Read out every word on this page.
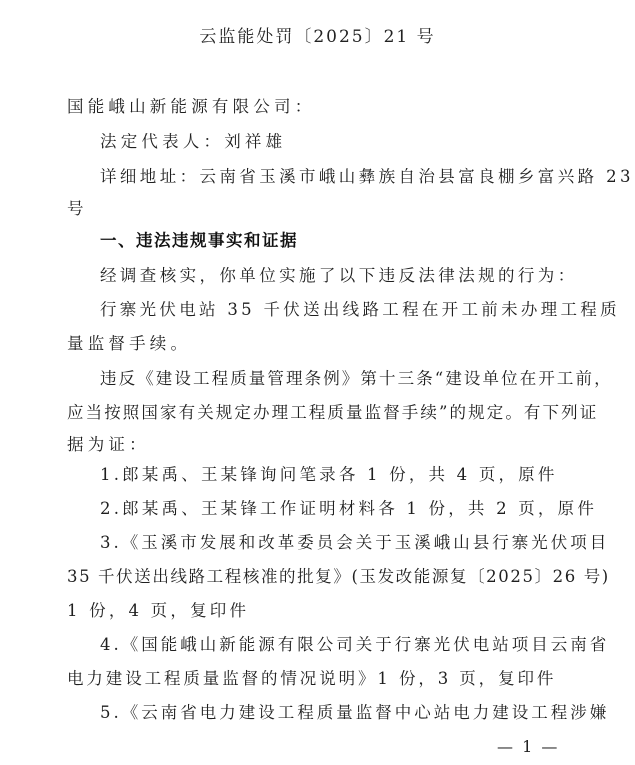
云监能处罚〔2025〕21 号
国能峨山新能源有限公司：
法定代表人：刘祥雄
详细地址：云南省玉溪市峨山彝族自治县富良棚乡富兴路 23
号
一、违法违规事实和证据
经调查核实，你单位实施了以下违反法律法规的行为：
行寨光伏电站 35 千伏送出线路工程在开工前未办理工程质
量监督手续。
违反《建设工程质量管理条例》第十三条“建设单位在开工前，
应当按照国家有关规定办理工程质量监督手续”的规定。有下列证
据为证：
1.郎某禹、王某锋询问笔录各 1 份，共 4 页，原件
2.郎某禹、王某锋工作证明材料各 1 份，共 2 页，原件
3.《玉溪市发展和改革委员会关于玉溪峨山县行寨光伏项目
35 千伏送出线路工程核准的批复》(玉发改能源复〔2025〕26 号)
1 份，4 页，复印件
4.《国能峨山新能源有限公司关于行寨光伏电站项目云南省
电力建设工程质量监督的情况说明》1 份，3 页，复印件
5.《云南省电力建设工程质量监督中心站电力建设工程涉嫌
— 1 —
